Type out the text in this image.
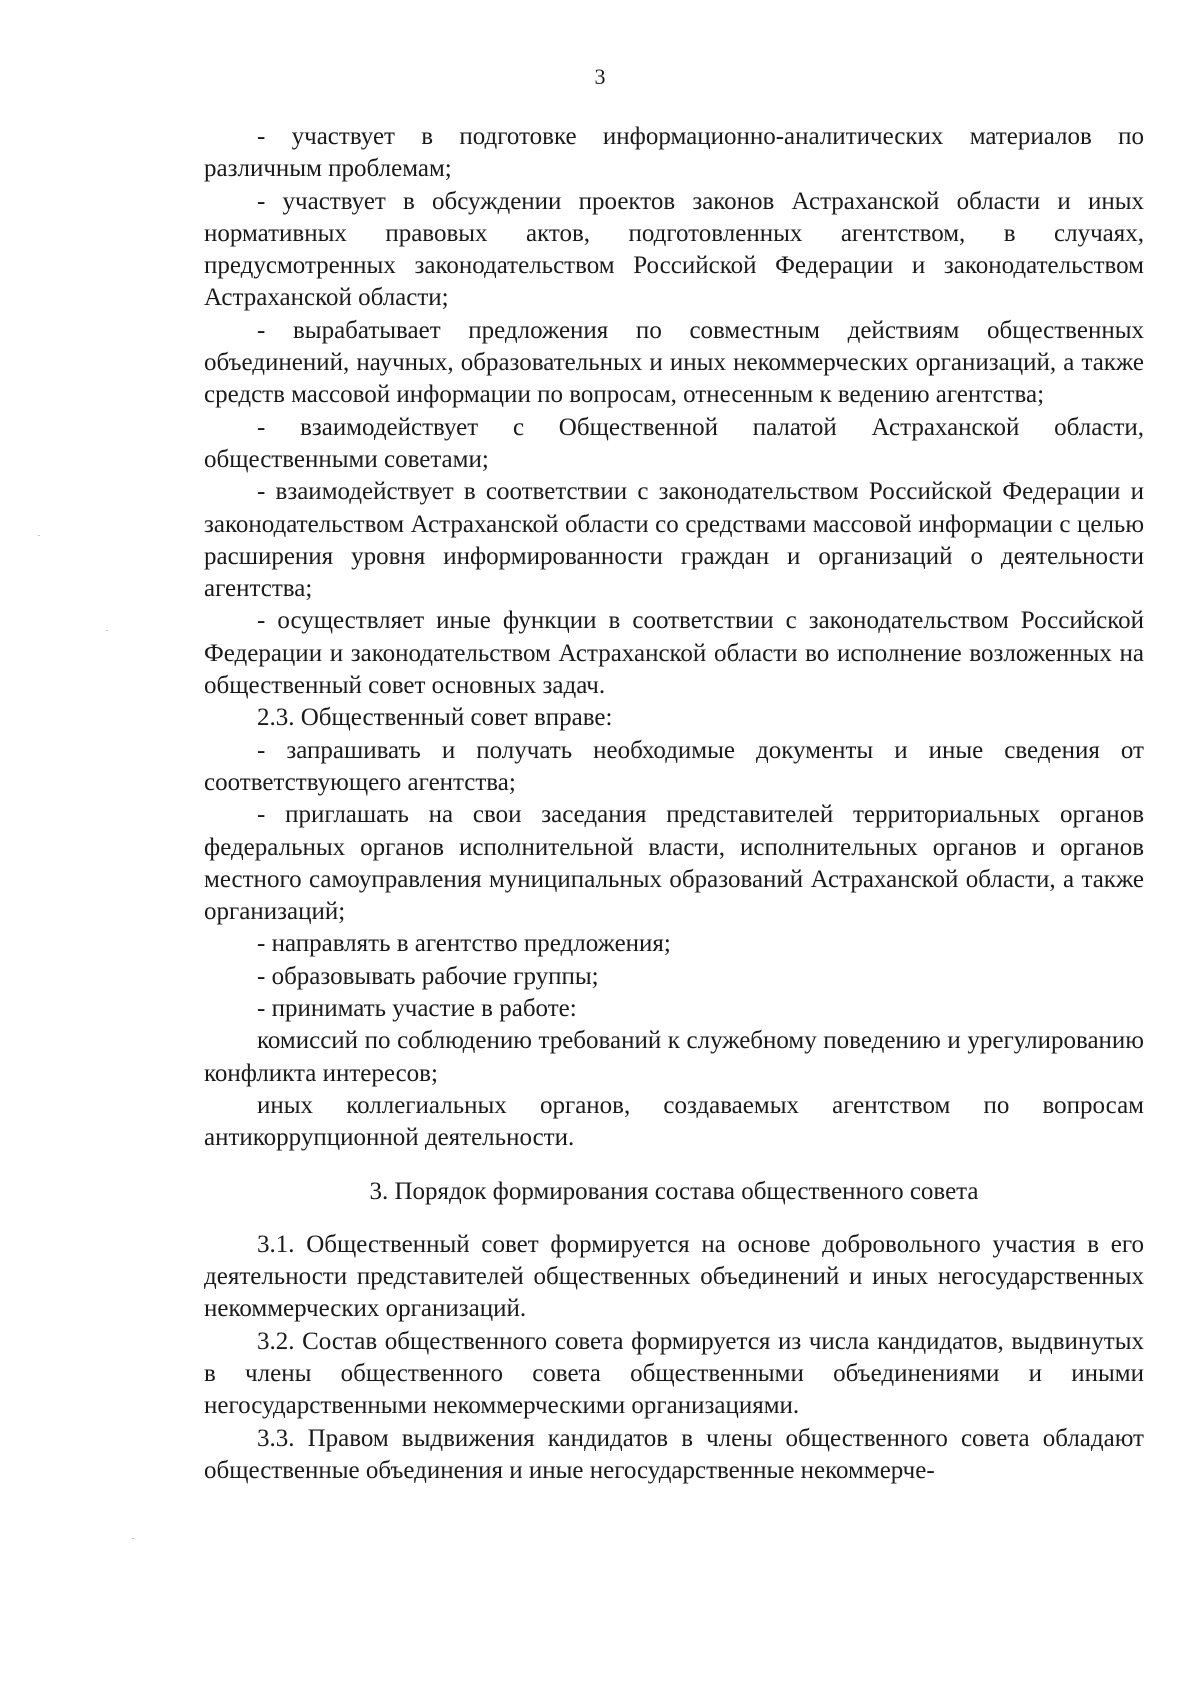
3

- участвует в подготовке информационно-аналитических материалов по различным проблемам;

- участвует в обсуждении проектов законов Астраханской области и иных нормативных правовых актов, подготовленных агентством, в случаях, предусмотренных законодательством Российской Федерации и законодательством Астраханской области;

- вырабатывает предложения по совместным действиям общественных объединений, научных, образовательных и иных некоммерческих организаций, а также средств массовой информации по вопросам, отнесенным к ведению агентства;

- взаимодействует с Общественной палатой Астраханской области, общественными советами;

- взаимодействует в соответствии с законодательством Российской Федерации и законодательством Астраханской области со средствами массовой информации с целью расширения уровня информированности граждан и организаций о деятельности агентства;

- осуществляет иные функции в соответствии с законодательством Российской Федерации и законодательством Астраханской области во исполнение возложенных на общественный совет основных задач.

2.3. Общественный совет вправе:

- запрашивать и получать необходимые документы и иные сведения от соответствующего агентства;

- приглашать на свои заседания представителей территориальных органов федеральных органов исполнительной власти, исполнительных органов и органов местного самоуправления муниципальных образований Астраханской области, а также организаций;

- направлять в агентство предложения;

- образовывать рабочие группы;

- принимать участие в работе:

комиссий по соблюдению требований к служебному поведению и урегулированию конфликта интересов;

иных коллегиальных органов, создаваемых агентством по вопросам антикоррупционной деятельности.

3. Порядок формирования состава общественного совета

3.1. Общественный совет формируется на основе добровольного участия в его деятельности представителей общественных объединений и иных негосударственных некоммерческих организаций.

3.2. Состав общественного совета формируется из числа кандидатов, выдвинутых в члены общественного совета общественными объединениями и иными негосударственными некоммерческими организациями.

3.3. Правом выдвижения кандидатов в члены общественного совета обладают общественные объединения и иные негосударственные некоммерче-
